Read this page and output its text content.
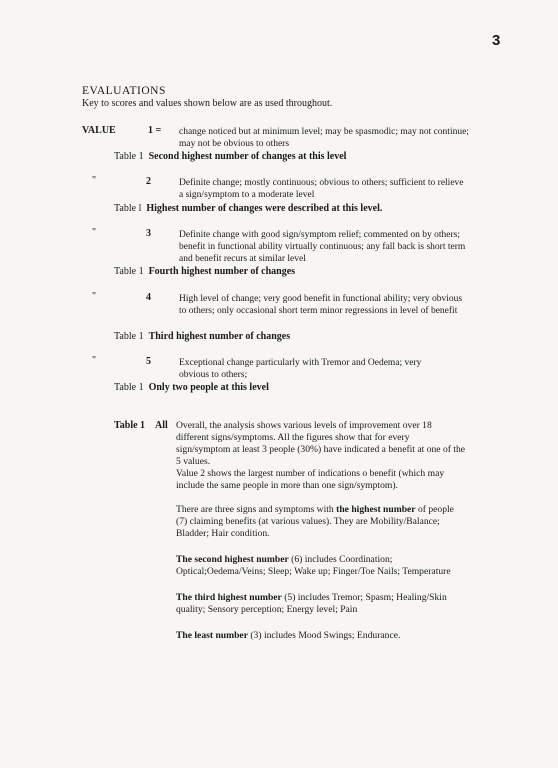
3
EVALUATIONS
Key to scores and values shown below are as used throughout.
VALUE	1 = change noticed but at minimum level; may be spasmodic; may not continue; may not be obvious to others
Table 1 Second highest number of changes at this level
"	2	Definite change; mostly continuous; obvious to others; sufficient to relieve a sign/symptom to a moderate level
Table l Highest number of changes were described at this level.
"	3	Definite change with good sign/symptom relief; commented on by others; benefit in functional ability virtually continuous; any fall back is short term and benefit recurs at similar level
Table 1 Fourth highest number of changes
"	4	High level of change; very good benefit in functional ability; very obvious to others; only occasional short term minor regressions in level of benefit
Table 1 Third highest number of changes
"	5	Exceptional change particularly with Tremor and Oedema; very obvious to others;
Table 1 Only two people at this level
Table 1 All Overall, the analysis shows various levels of improvement over 18 different signs/symptoms. All the figures show that for every sign/symptom at least 3 people (30%) have indicated a benefit at one of the 5 values.

Value 2 shows the largest number of indications o benefit (which may include the same people in more than one sign/symptom).

There are three signs and symptoms with the highest number of people (7) claiming benefits (at various values). They are Mobility/Balance; Bladder; Hair condition.

The second highest number (6) includes Coordination; Optical;Oedema/Veins; Sleep; Wake up; Finger/Toe Nails; Temperature

The third highest number (5) includes Tremor; Spasm; Healing/Skin quality; Sensory perception; Energy level; Pain

The least number (3) includes Mood Swings; Endurance.
